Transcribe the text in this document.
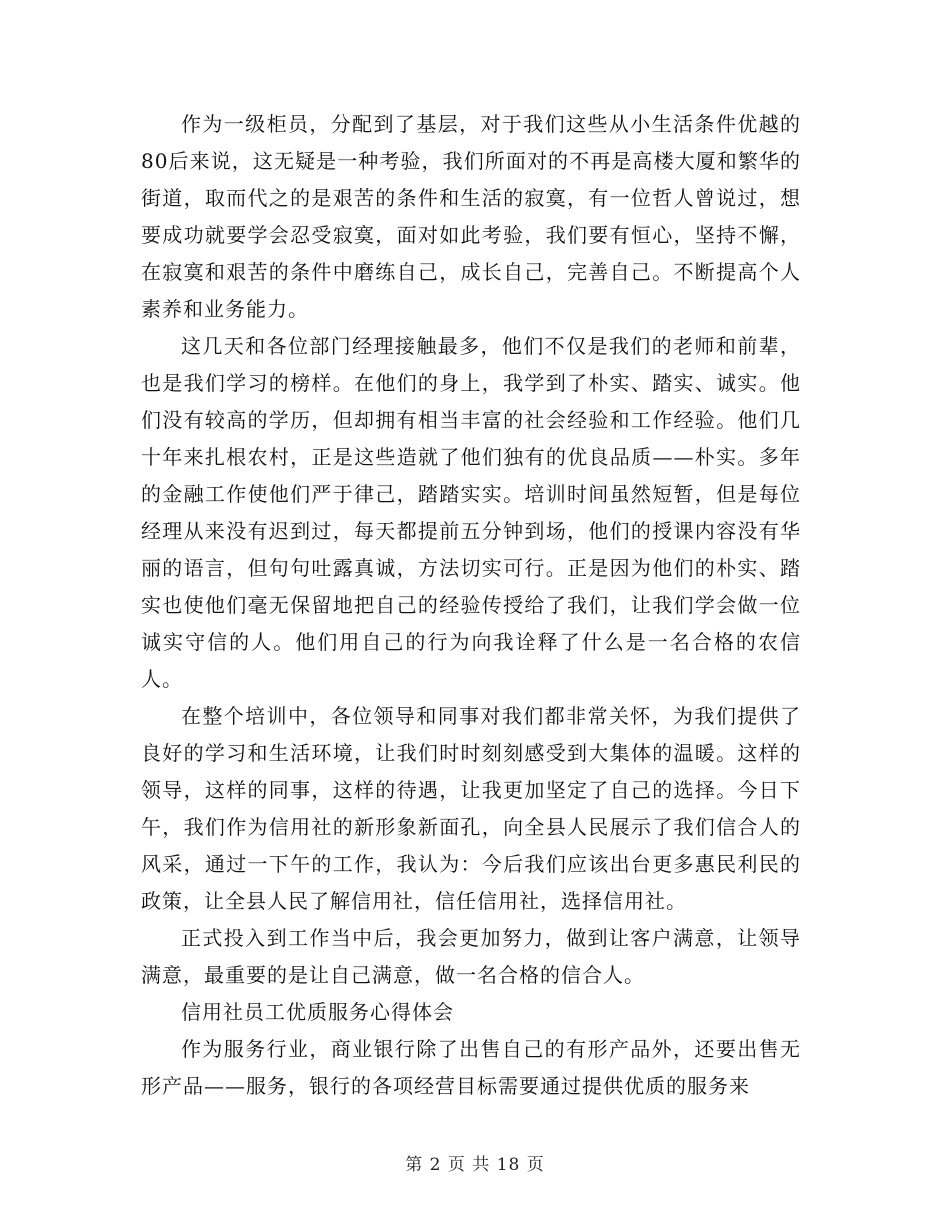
作为一级柜员，分配到了基层，对于我们这些从小生活条件优越的80后来说，这无疑是一种考验，我们所面对的不再是高楼大厦和繁华的街道，取而代之的是艰苦的条件和生活的寂寞，有一位哲人曾说过，想要成功就要学会忍受寂寞，面对如此考验，我们要有恒心，坚持不懈，在寂寞和艰苦的条件中磨练自己，成长自己，完善自己。不断提高个人素养和业务能力。

这几天和各位部门经理接触最多，他们不仅是我们的老师和前辈，也是我们学习的榜样。在他们的身上，我学到了朴实、踏实、诚实。他们没有较高的学历，但却拥有相当丰富的社会经验和工作经验。他们几十年来扎根农村，正是这些造就了他们独有的优良品质——朴实。多年的金融工作使他们严于律己，踏踏实实。培训时间虽然短暂，但是每位经理从来没有迟到过，每天都提前五分钟到场，他们的授课内容没有华丽的语言，但句句吐露真诚，方法切实可行。正是因为他们的朴实、踏实也使他们毫无保留地把自己的经验传授给了我们，让我们学会做一位诚实守信的人。他们用自己的行为向我诠释了什么是一名合格的农信人。

在整个培训中，各位领导和同事对我们都非常关怀，为我们提供了良好的学习和生活环境，让我们时时刻刻感受到大集体的温暖。这样的领导，这样的同事，这样的待遇，让我更加坚定了自己的选择。今日下午，我们作为信用社的新形象新面孔，向全县人民展示了我们信合人的风采，通过一下午的工作，我认为：今后我们应该出台更多惠民利民的政策，让全县人民了解信用社，信任信用社，选择信用社。

正式投入到工作当中后，我会更加努力，做到让客户满意，让领导满意，最重要的是让自己满意，做一名合格的信合人。

信用社员工优质服务心得体会

作为服务行业，商业银行除了出售自己的有形产品外，还要出售无形产品——服务，银行的各项经营目标需要通过提供优质的服务来

第 2 页 共 18 页
